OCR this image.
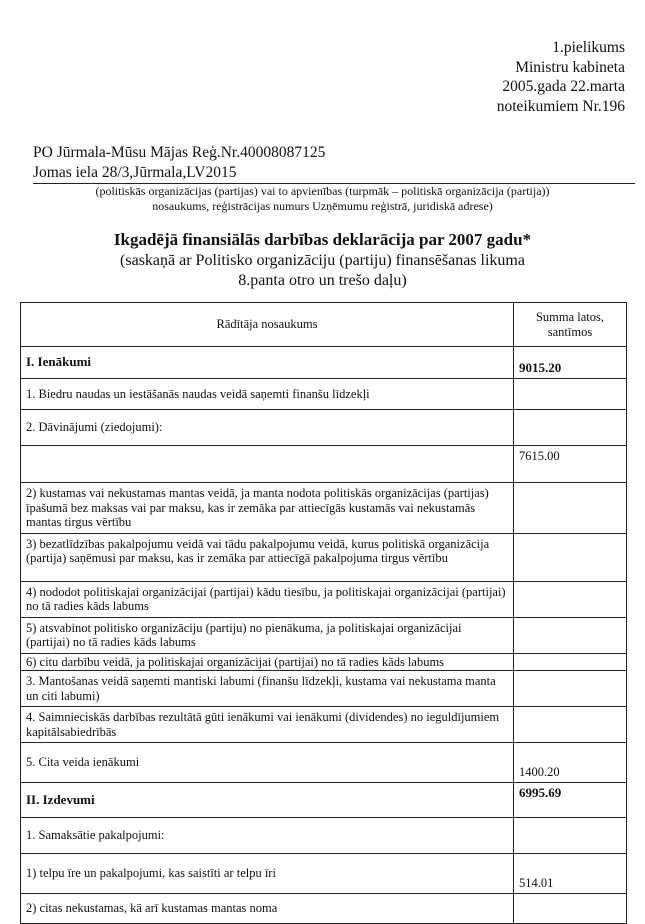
1.pielikums
Ministru kabineta
2005.gada 22.marta
noteikumiem Nr.196
PO Jūrmala-Mūsu Mājas Reģ.Nr.40008087125
Jomas iela 28/3,Jūrmala,LV2015
(politiskās organizācijas (partijas) vai to apvienības (turpmāk – politiskā organizācija (partija))
nosaukums, reģistrācijas numurs Uzņēmumu reģistrā, juridiskā adrese)
Ikgadējā finansiālās darbības deklarācija par 2007 gadu*
(saskaņā ar Politisko organizāciju (partiju) finansēšanas likuma
8.panta otro un trešo daļu)
Rādītāja nosaukums	Summa latos, santīmos
I. Ienākumi	9015.20
1. Biedru naudas un iestāšanās naudas veidā saņemti finanšu līdzekļi	
2. Dāvinājumi (ziedojumi):	
	7615.00
2) kustamas vai nekustamas mantas veidā, ja manta nodota politiskās organizācijas (partijas) īpašumā bez maksas vai par maksu, kas ir zemāka par attiecīgās kustamās vai nekustamās mantas tirgus vērtību	
3) bezatlīdzības pakalpojumu veidā vai tādu pakalpojumu veidā, kurus politiskā organizācija (partija) saņēmusi par maksu, kas ir zemāka par attiecīgā pakalpojuma tirgus vērtību	
4) nododot politiskajai organizācijai (partijai) kādu tiesību, ja politiskajai organizācijai (partijai) no tā radies kāds labums	
5) atsvabinot politisko organizāciju (partiju) no pienākuma, ja politiskajai organizācijai (partijai) no tā radies kāds labums	
6) citu darbību veidā, ja politiskajai organizācijai (partijai) no tā radies kāds labums	
3. Mantošanas veidā saņemti mantiski labumi (finanšu līdzekļi, kustama vai nekustama manta un citi labumi)	
4. Saimnieciskās darbības rezultātā gūti ienākumi vai ienākumi (dividendes) no ieguldījumiem kapitālsabiedrībās	
5. Cita veida ienākumi	1400.20
II. Izdevumi	6995.69
1. Samaksātie pakalpojumi:	
1) telpu īre un pakalpojumi, kas saistīti ar telpu īri	514.01
2) citas nekustamas, kā arī kustamas mantas noma	
